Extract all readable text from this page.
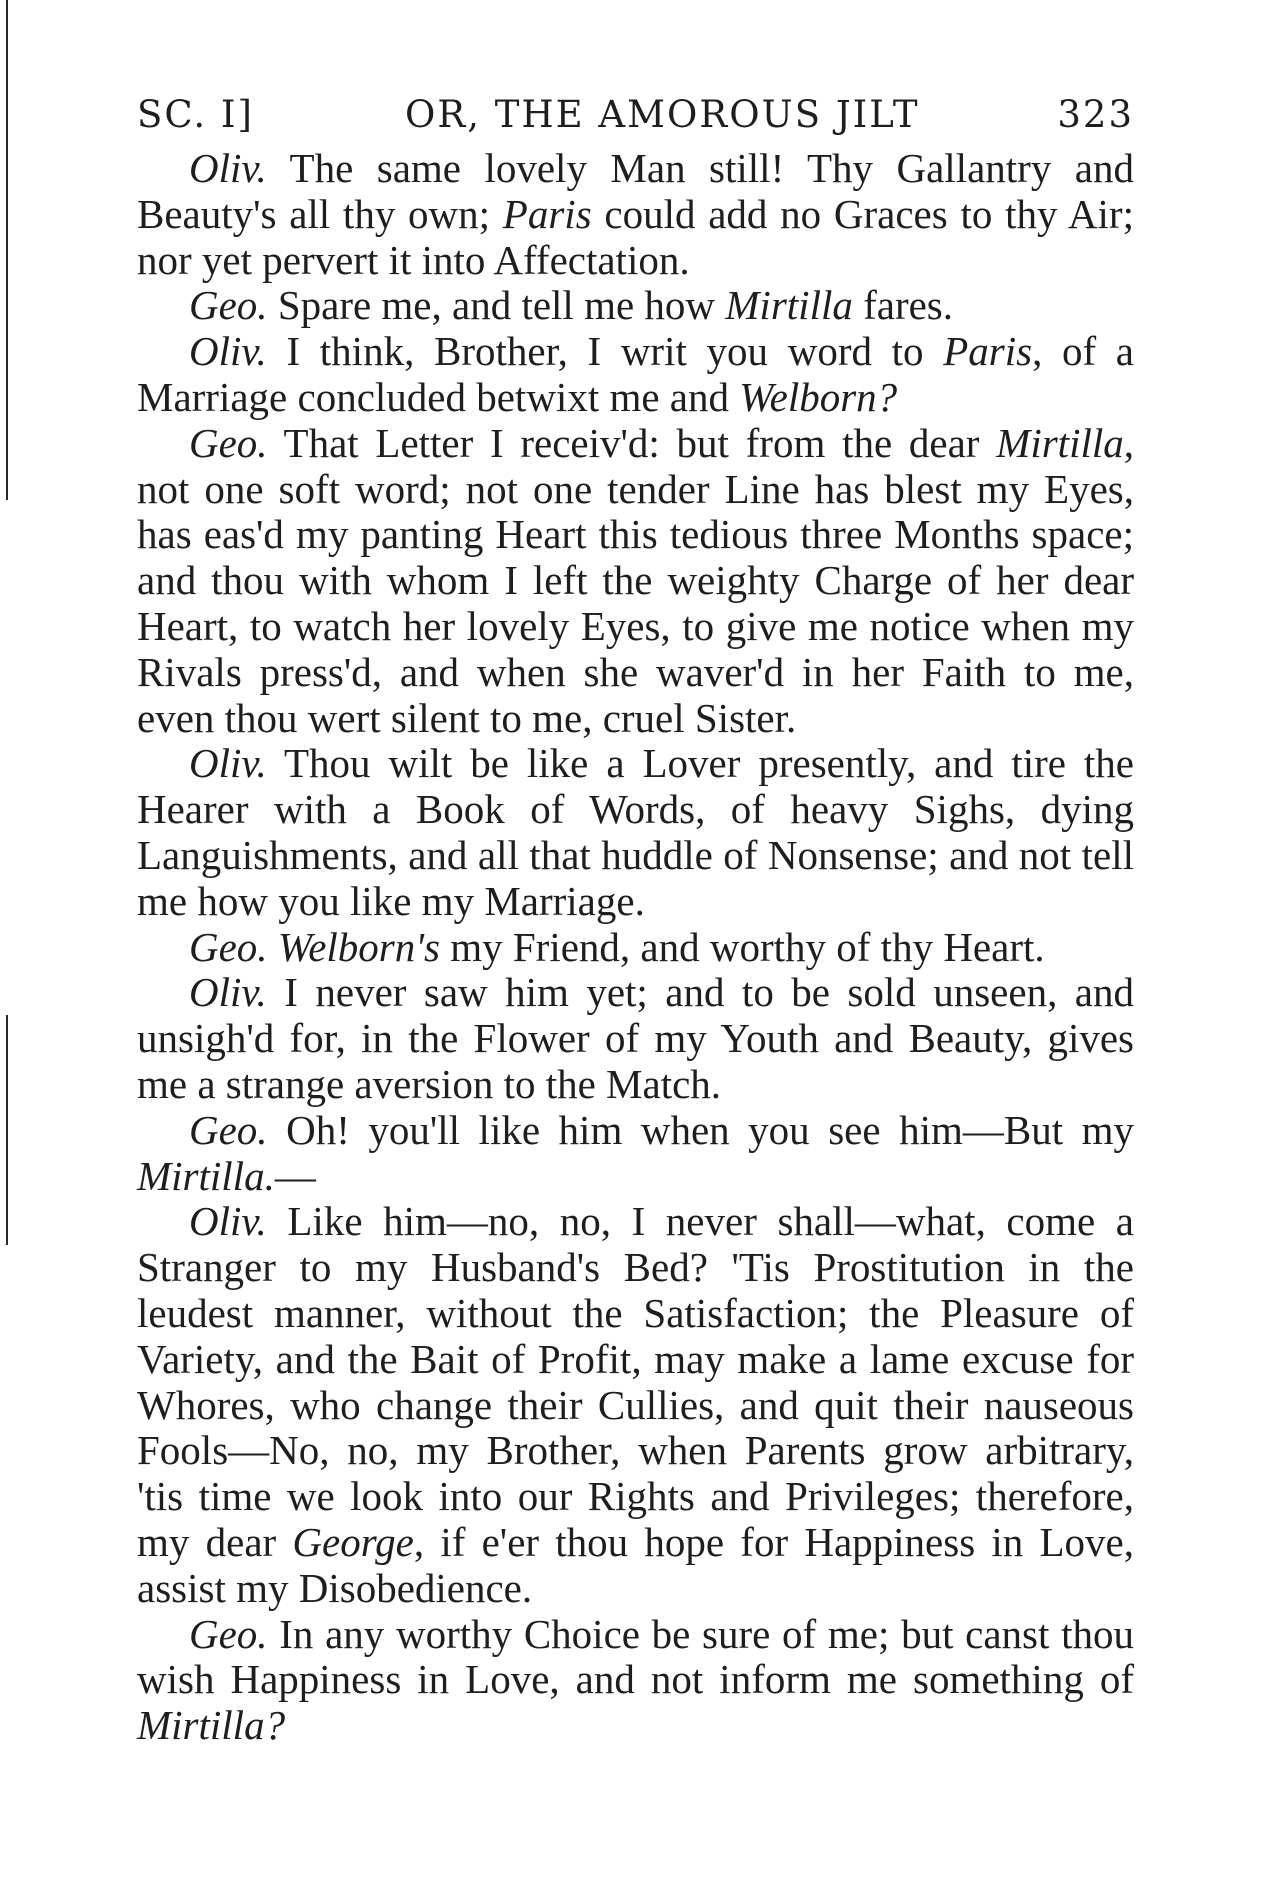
SC. I]	OR, THE AMOROUS JILT	323

Oliv. The same lovely Man still! Thy Gallantry and Beauty's all thy own; Paris could add no Graces to thy Air; nor yet pervert it into Affectation.

Geo. Spare me, and tell me how Mirtilla fares.

Oliv. I think, Brother, I writ you word to Paris, of a Marriage concluded betwixt me and Welborn?

Geo. That Letter I receiv'd: but from the dear Mirtilla, not one soft word; not one tender Line has blest my Eyes, has eas'd my panting Heart this tedious three Months space; and thou with whom I left the weighty Charge of her dear Heart, to watch her lovely Eyes, to give me notice when my Rivals press'd, and when she waver'd in her Faith to me, even thou wert silent to me, cruel Sister.

Oliv. Thou wilt be like a Lover presently, and tire the Hearer with a Book of Words, of heavy Sighs, dying Languishments, and all that huddle of Nonsense; and not tell me how you like my Marriage.

Geo. Welborn's my Friend, and worthy of thy Heart.

Oliv. I never saw him yet; and to be sold unseen, and unsigh'd for, in the Flower of my Youth and Beauty, gives me a strange aversion to the Match.

Geo. Oh! you'll like him when you see him—But my Mirtilla.—

Oliv. Like him—no, no, I never shall—what, come a Stranger to my Husband's Bed? 'Tis Prostitution in the leudest manner, without the Satisfaction; the Pleasure of Variety, and the Bait of Profit, may make a lame excuse for Whores, who change their Cullies, and quit their nauseous Fools—No, no, my Brother, when Parents grow arbitrary, 'tis time we look into our Rights and Privileges; therefore, my dear George, if e'er thou hope for Happiness in Love, assist my Disobedience.

Geo. In any worthy Choice be sure of me; but canst thou wish Happiness in Love, and not inform me something of Mirtilla?
